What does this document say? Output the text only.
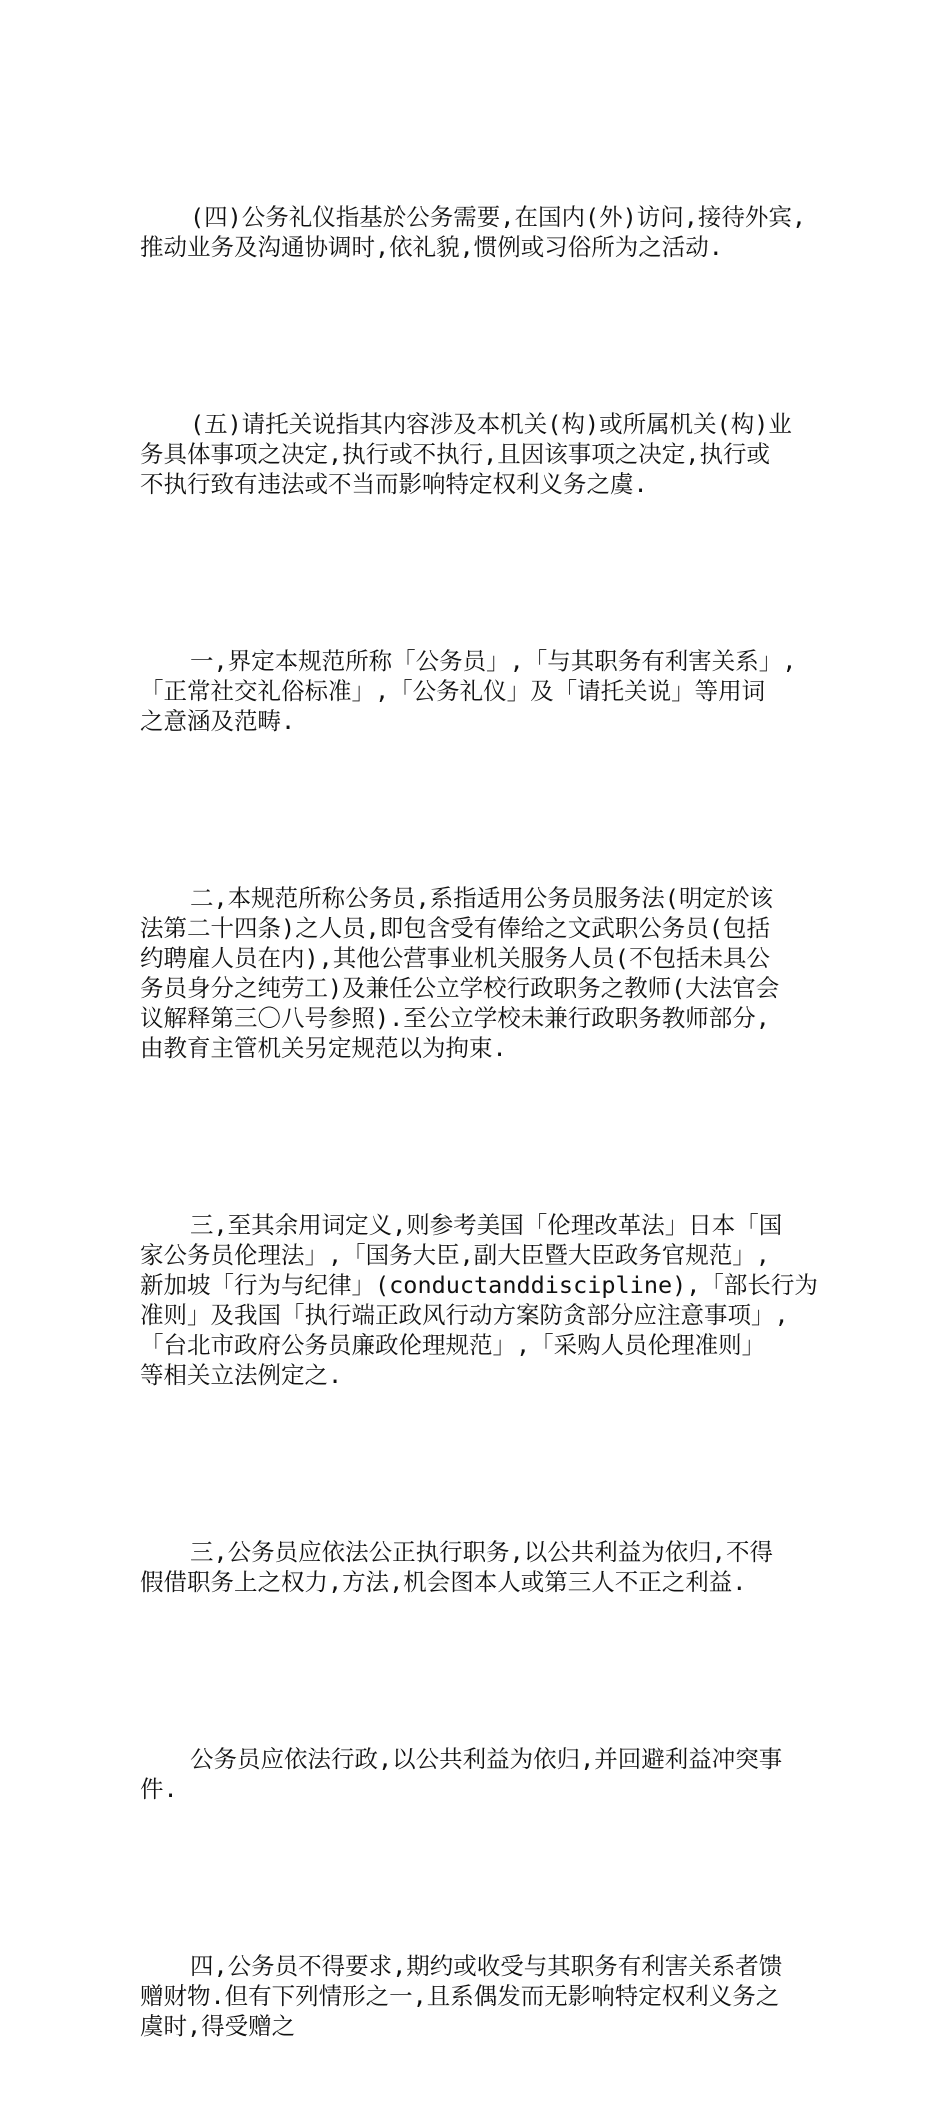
(四)公务礼仪指基於公务需要,在国内(外)访问,接待外宾,
推动业务及沟通协调时,依礼貌,惯例或习俗所为之活动.

(五)请托关说指其内容涉及本机关(构)或所属机关(构)业
务具体事项之决定,执行或不执行,且因该事项之决定,执行或
不执行致有违法或不当而影响特定权利义务之虞.

一,界定本规范所称「公务员」,「与其职务有利害关系」,
「正常社交礼俗标准」,「公务礼仪」及「请托关说」等用词
之意涵及范畴.

二,本规范所称公务员,系指适用公务员服务法(明定於该
法第二十四条)之人员,即包含受有俸给之文武职公务员(包括
约聘雇人员在内),其他公营事业机关服务人员(不包括未具公
务员身分之纯劳工)及兼任公立学校行政职务之教师(大法官会
议解释第三〇八号参照).至公立学校未兼行政职务教师部分,
由教育主管机关另定规范以为拘束.

三,至其余用词定义,则参考美国「伦理改革法」日本「国
家公务员伦理法」,「国务大臣,副大臣暨大臣政务官规范」,
新加坡「行为与纪律」(conductanddiscipline),「部长行为
准则」及我国「执行端正政风行动方案防贪部分应注意事项」,
「台北市政府公务员廉政伦理规范」,「采购人员伦理准则」
等相关立法例定之.

三,公务员应依法公正执行职务,以公共利益为依归,不得
假借职务上之权力,方法,机会图本人或第三人不正之利益.

公务员应依法行政,以公共利益为依归,并回避利益冲突事
件.

四,公务员不得要求,期约或收受与其职务有利害关系者馈
赠财物.但有下列情形之一,且系偶发而无影响特定权利义务之
虞时,得受赠之
